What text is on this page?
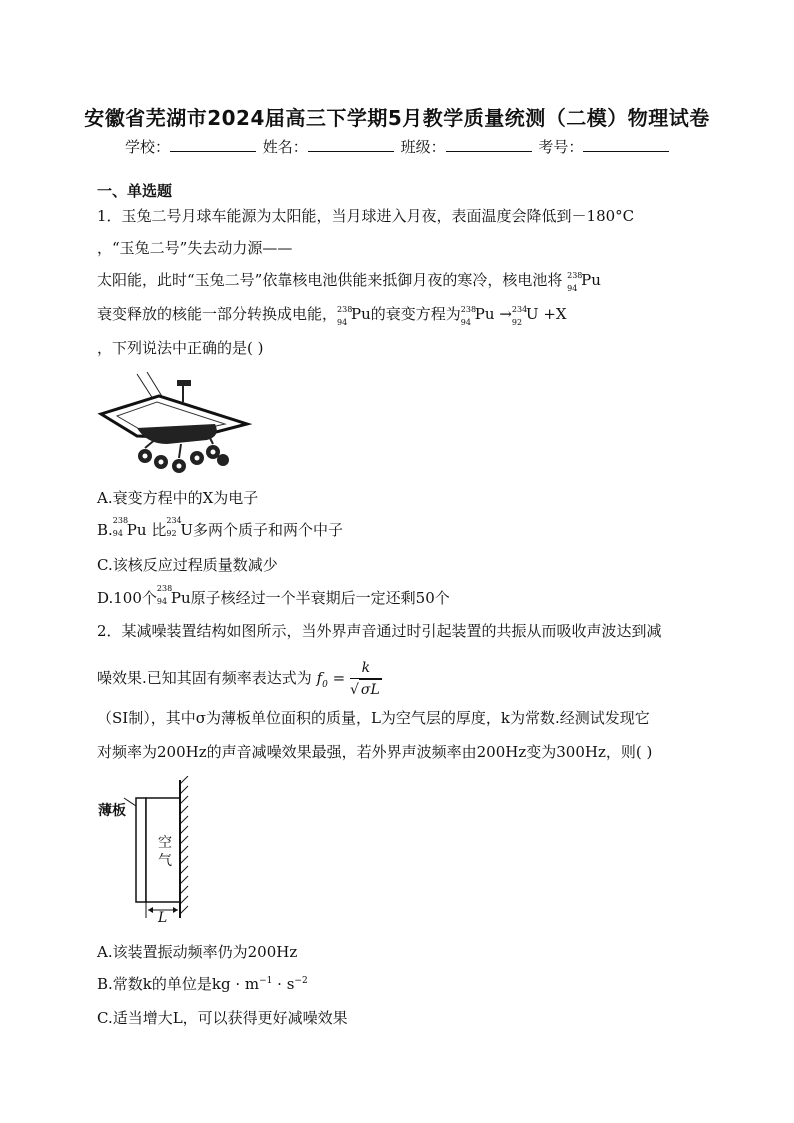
安徽省芜湖市2024届高三下学期5月教学质量统测（二模）物理试卷
学校：	姓名：	班级：	考号：
一、单选题
1．玉兔二号月球车能源为太阳能，当月球进入月夜，表面温度会降低到－180°C
，“玉兔二号”失去动力源——
太阳能，此时“玉兔二号”依靠核电池供能来抵御月夜的寒冷，核电池将 238
94 Pu
衰变释放的核能一部分转换成电能， 238
94 Pu的衰变方程为 238
94 Pu → 234
92 U +X
，下列说法中正确的是( )
A.衰变方程中的X为电子
B.
238
94 Pu 比
234
92 U多两个质子和两个中子
C.该核反应过程质量数减少
D.100个
238
94 Pu原子核经过一个半衰期后一定还剩50个
2．某减噪装置结构如图所示，当外界声音通过时引起装置的共振从而吸收声波达到减
噪效果.已知其固有频率表达式为 $f_0 = \frac{k}{√ \sigma L}$
（SI制），其中σ为薄板单位面积的质量，L为空气层的厚度，k为常数.经测试发现它
对频率为200Hz的声音减噪效果最强，若外界声波频率由200Hz变为300Hz，则( )
薄板
空
气
L
A.该装置振动频率仍为200Hz
B.常数k的单位是kg · $m^{-1} \cdot s^{-2}$
C.适当增大L，可以获得更好减噪效果
